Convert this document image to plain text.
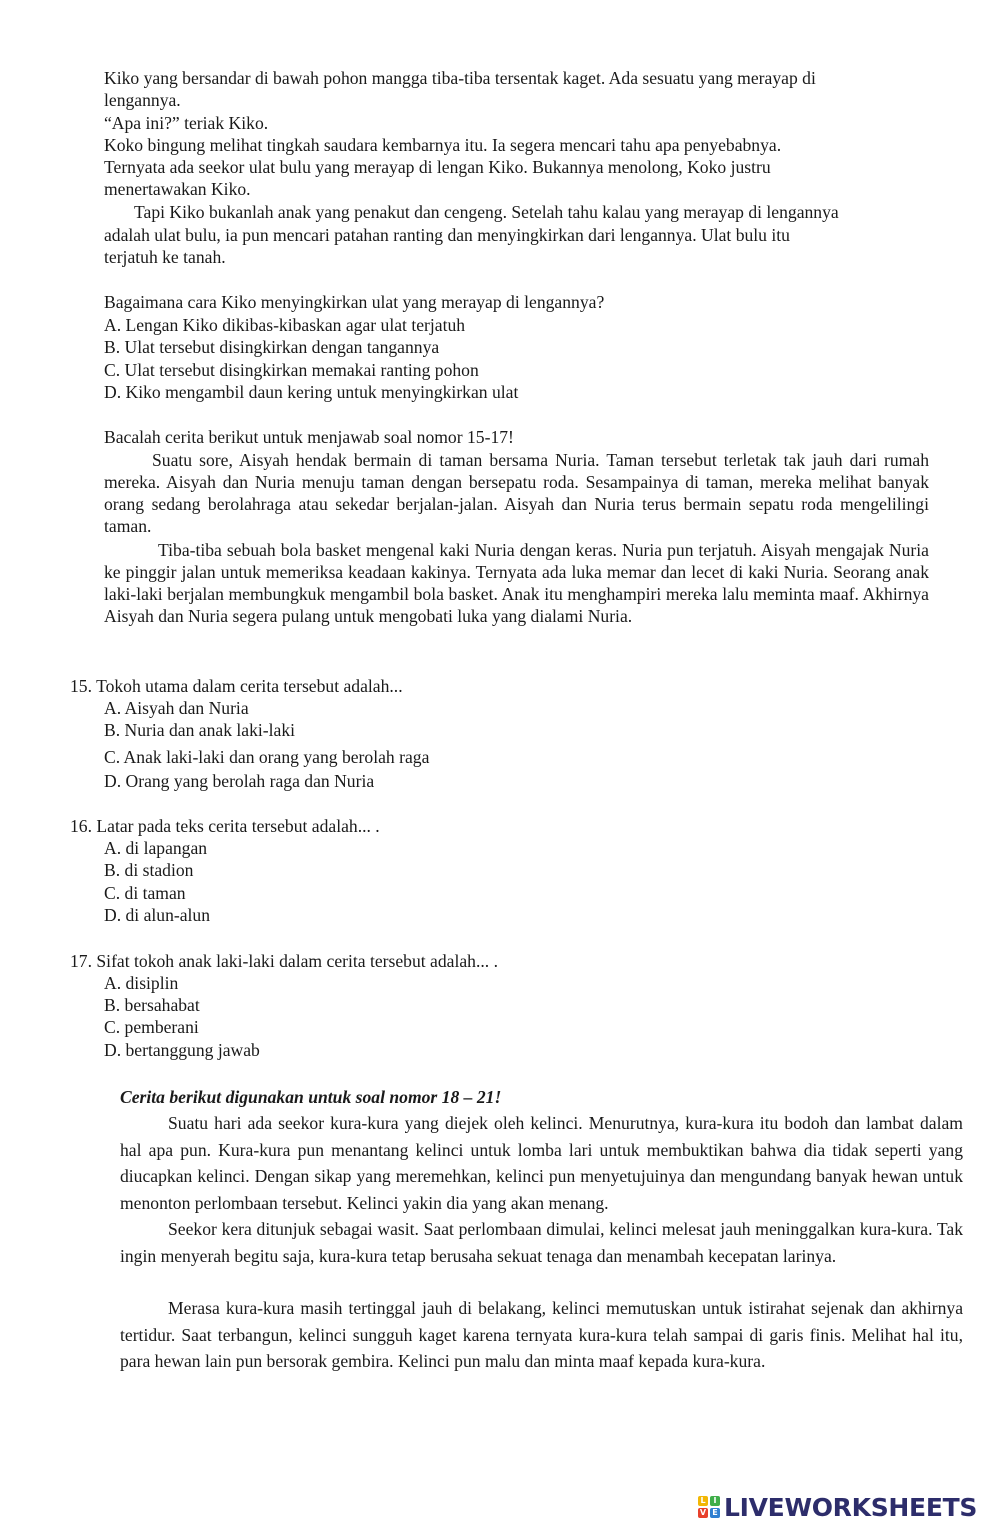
Kiko yang bersandar di bawah pohon mangga tiba-tiba tersentak kaget. Ada sesuatu yang merayap di
lengannya.
“Apa ini?” teriak Kiko.
Koko bingung melihat tingkah saudara kembarnya itu. Ia segera mencari tahu apa penyebabnya.
Ternyata ada seekor ulat bulu yang merayap di lengan Kiko. Bukannya menolong, Koko justru
menertawakan Kiko.
Tapi Kiko bukanlah anak yang penakut dan cengeng. Setelah tahu kalau yang merayap di lengannya
adalah ulat bulu, ia pun mencari patahan ranting dan menyingkirkan dari lengannya. Ulat bulu itu
terjatuh ke tanah.
Bagaimana cara Kiko menyingkirkan ulat yang merayap di lengannya?
A. Lengan Kiko dikibas-kibaskan agar ulat terjatuh
B. Ulat tersebut disingkirkan dengan tangannya
C. Ulat tersebut disingkirkan memakai ranting pohon
D. Kiko mengambil daun kering untuk menyingkirkan ulat
Bacalah cerita berikut untuk menjawab soal nomor 15-17!
Suatu sore, Aisyah hendak bermain di taman bersama Nuria. Taman tersebut terletak tak jauh dari rumah mereka. Aisyah dan Nuria menuju taman dengan bersepatu roda. Sesampainya di taman, mereka melihat banyak orang sedang berolahraga atau sekedar berjalan-jalan. Aisyah dan Nuria terus bermain sepatu roda mengelilingi taman.
Tiba-tiba sebuah bola basket mengenal kaki Nuria dengan keras. Nuria pun terjatuh. Aisyah mengajak Nuria ke pinggir jalan untuk memeriksa keadaan kakinya. Ternyata ada luka memar dan lecet di kaki Nuria. Seorang anak laki-laki berjalan membungkuk mengambil bola basket. Anak itu menghampiri mereka lalu meminta maaf. Akhirnya Aisyah dan Nuria segera pulang untuk mengobati luka yang dialami Nuria.
15. Tokoh utama dalam cerita tersebut adalah...
A. Aisyah dan Nuria
B. Nuria dan anak laki-laki
C. Anak laki-laki dan orang yang berolah raga
D. Orang yang berolah raga dan Nuria
16. Latar pada teks cerita tersebut adalah... .
A. di lapangan
B. di stadion
C. di taman
D. di alun-alun
17. Sifat tokoh anak laki-laki dalam cerita tersebut adalah... .
A. disiplin
B. bersahabat
C. pemberani
D. bertanggung jawab
Cerita berikut digunakan untuk soal nomor 18 – 21!
Suatu hari ada seekor kura-kura yang diejek oleh kelinci. Menurutnya, kura-kura itu bodoh dan lambat dalam hal apa pun. Kura-kura pun menantang kelinci untuk lomba lari untuk membuktikan bahwa dia tidak seperti yang diucapkan kelinci. Dengan sikap yang meremehkan, kelinci pun menyetujuinya dan mengundang banyak hewan untuk menonton perlombaan tersebut. Kelinci yakin dia yang akan menang.
Seekor kera ditunjuk sebagai wasit. Saat perlombaan dimulai, kelinci melesat jauh meninggalkan kura-kura. Tak ingin menyerah begitu saja, kura-kura tetap berusaha sekuat tenaga dan menambah kecepatan larinya.
Merasa kura-kura masih tertinggal jauh di belakang, kelinci memutuskan untuk istirahat sejenak dan akhirnya tertidur. Saat terbangun, kelinci sungguh kaget karena ternyata kura-kura telah sampai di garis finis. Melihat hal itu, para hewan lain pun bersorak gembira. Kelinci pun malu dan minta maaf kepada kura-kura.
L I
V E LIVEWORKSHEETS
